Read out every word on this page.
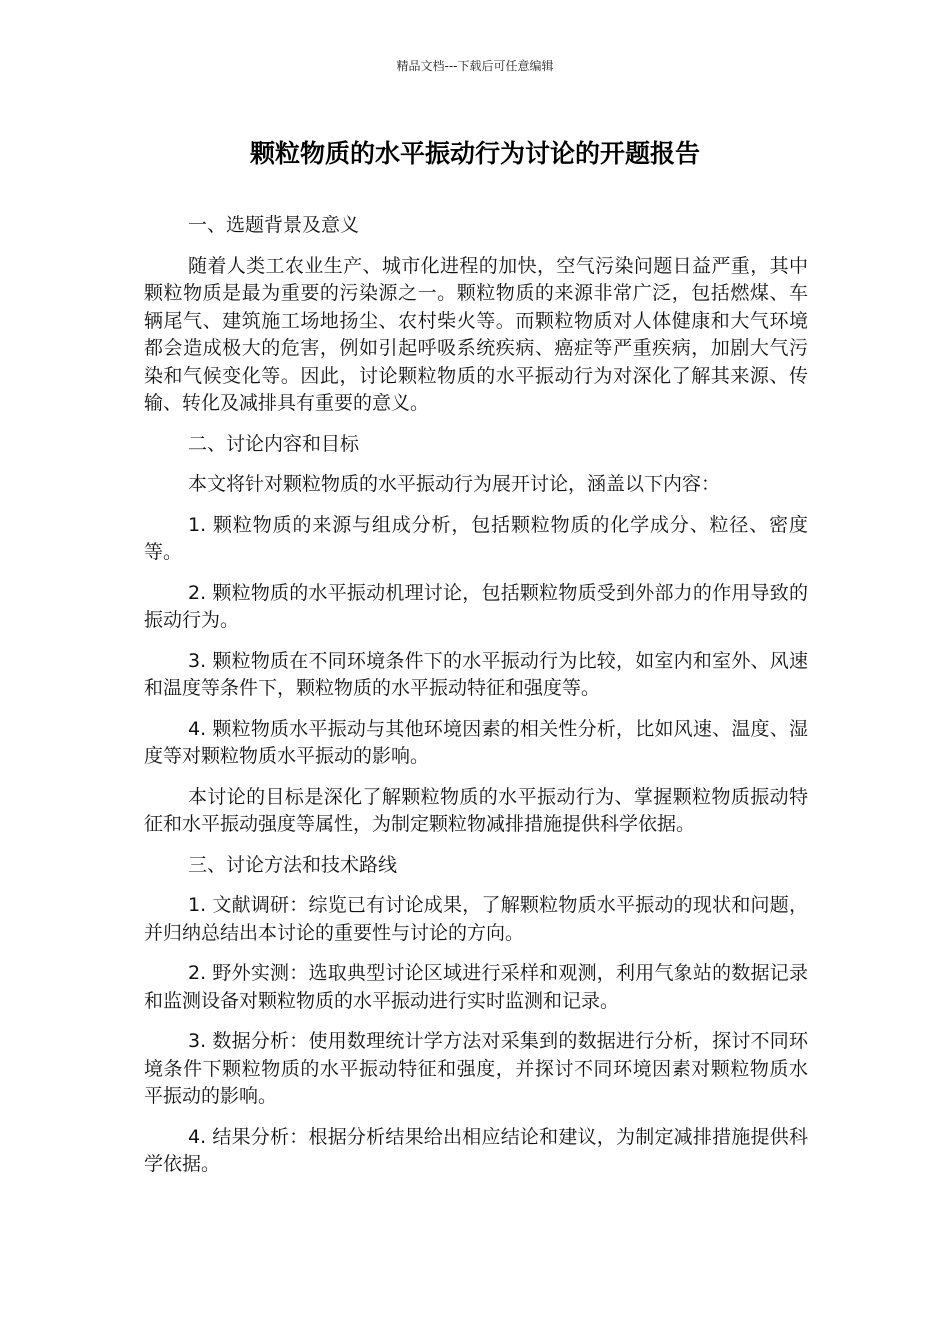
精品文档---下载后可任意编辑
颗粒物质的水平振动行为讨论的开题报告

一、选题背景及意义

随着人类工农业生产、城市化进程的加快，空气污染问题日益严重，其中颗粒物质是最为重要的污染源之一。颗粒物质的来源非常广泛，包括燃煤、车辆尾气、建筑施工场地扬尘、农村柴火等。而颗粒物质对人体健康和大气环境都会造成极大的危害，例如引起呼吸系统疾病、癌症等严重疾病，加剧大气污染和气候变化等。因此，讨论颗粒物质的水平振动行为对深化了解其来源、传输、转化及减排具有重要的意义。

二、讨论内容和目标

本文将针对颗粒物质的水平振动行为展开讨论，涵盖以下内容：

1. 颗粒物质的来源与组成分析，包括颗粒物质的化学成分、粒径、密度等。

2. 颗粒物质的水平振动机理讨论，包括颗粒物质受到外部力的作用导致的振动行为。

3. 颗粒物质在不同环境条件下的水平振动行为比较，如室内和室外、风速和温度等条件下，颗粒物质的水平振动特征和强度等。

4. 颗粒物质水平振动与其他环境因素的相关性分析，比如风速、温度、湿度等对颗粒物质水平振动的影响。

本讨论的目标是深化了解颗粒物质的水平振动行为、掌握颗粒物质振动特征和水平振动强度等属性，为制定颗粒物减排措施提供科学依据。

三、讨论方法和技术路线

1. 文献调研：综览已有讨论成果，了解颗粒物质水平振动的现状和问题，并归纳总结出本讨论的重要性与讨论的方向。

2. 野外实测：选取典型讨论区域进行采样和观测，利用气象站的数据记录和监测设备对颗粒物质的水平振动进行实时监测和记录。

3. 数据分析：使用数理统计学方法对采集到的数据进行分析，探讨不同环境条件下颗粒物质的水平振动特征和强度，并探讨不同环境因素对颗粒物质水平振动的影响。

4. 结果分析：根据分析结果给出相应结论和建议，为制定减排措施提供科学依据。
